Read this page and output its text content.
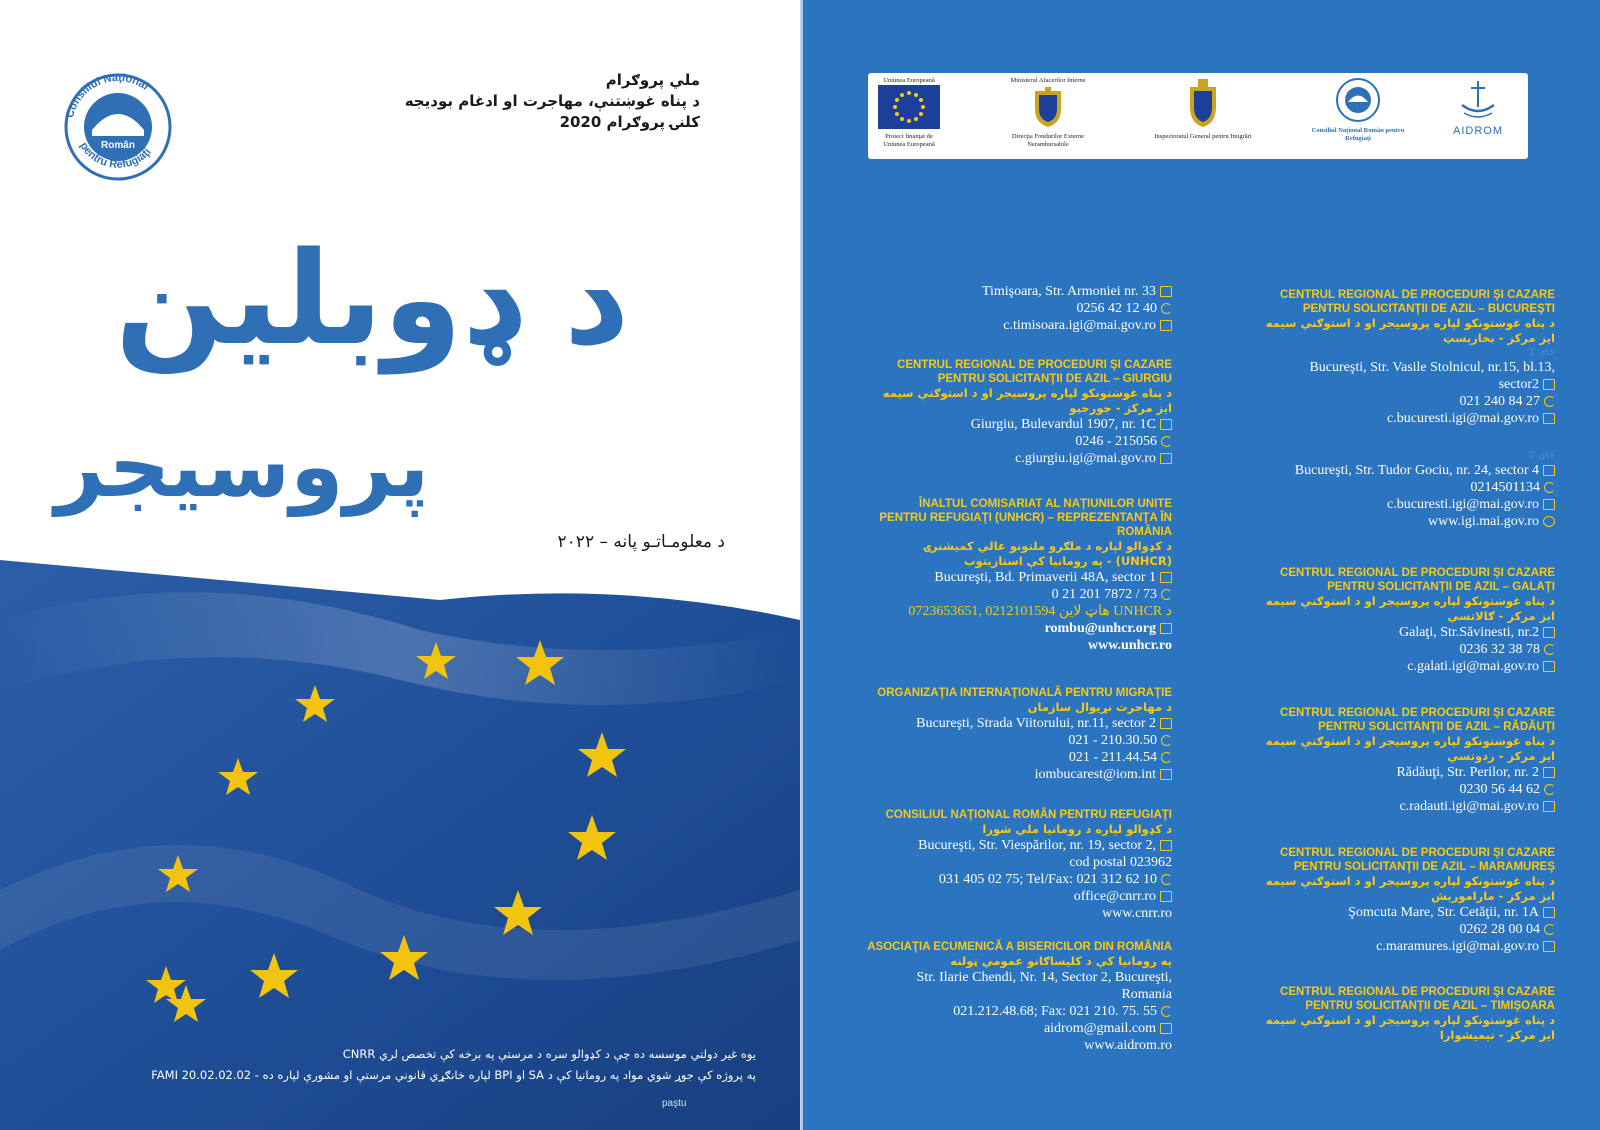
Consiliul Naţional
Român
pentru Refugiaţi
ملي پروګرام
د پناه غوښتنې، مهاجرت او ادغام بودیجه
کلنۍ پروګرام 2020
د ډوبلين
پروسيجر
د معلومـاتـو پانه – ۲۰۲۲
یوه غیر دولتي موسسه ده چې د کډوالو سره د مرستې په برخه کې تخصص لري CNRR
په پروژه کې جوړ شوي مواد په رومانیا کې د SA او BPI لپاره خانګړي قانوني مرستې او مشورې لپاره ده - FAMI 20.02.02.02
paştu
Uniunea Europeană
Proiect finanţat de Uniunea Europeană
Ministerul Afacerilor Interne
Direcţia Fondurilor Externe Nerambursabile
Inspectoratul General pentru Imigrări
Consiliul Naţional Român pentru Refugiaţi
AIDROM
Timişoara, Str. Armoniei nr. 33
0256 42 12 40
c.timisoara.igi@mai.gov.ro
CENTRUL REGIONAL DE PROCEDURI ŞI CAZARE
PENTRU SOLICITANŢII DE AZIL – GIURGIU
د پناه غوښتونکو لپاره پروسیجر او د استوګنې سیمه
ایز مرکز - جورجیو
Giurgiu, Bulevardul 1907, nr. 1C
0246 - 215056
c.giurgiu.igi@mai.gov.ro
ÎNALTUL COMISARIAT AL NAŢIUNILOR UNITE
PENTRU REFUGIAŢI (UNHCR) – REPREZENTANŢA ÎN
ROMÂNIA
د کډوالو لپاره د ملګرو ملتونو عالي کمیشنرۍ
(UNHCR) - په رومانیا کې استازیتوب
Bucureşti, Bd. Primaverii 48A, sector 1
0 21 201 7872 / 73
د UNHCR هاټ لاین 0212101594 ,0723653651
rombu@unhcr.org
www.unhcr.ro
ORGANIZAŢIA INTERNAŢIONALĂ PENTRU MIGRAŢIE
د مهاجرت نړیوال سازمان
Bucureşti, Strada Viitorului, nr.11, sector 2
021 - 210.30.50
021 - 211.44.54
iombucarest@iom.int
CONSILIUL NAŢIONAL ROMÂN PENTRU REFUGIAŢI
د کډوالو لپاره د رومانیا ملي شورا
Bucureşti, Str. Viespărilor, nr. 19, sector 2,
cod postal 023962
031 405 02 75; Tel/Fax: 021 312 62 10
office@cnrr.ro
www.cnrr.ro
ASOCIAŢIA ECUMENICĂ A BISERICILOR DIN ROMÂNIA
په رومانیا کې د کلیساګانو عمومي ټولنه
Str. Ilarie Chendi, Nr. 14, Sector 2, Bucureşti,
Romania
021.212.48.68; Fax: 021 210. 75. 55
aidrom@gmail.com
www.aidrom.ro
CENTRUL REGIONAL DE PROCEDURI ŞI CAZARE
PENTRU SOLICITANŢII DE AZIL – BUCUREŞTI
د پناه غوښتونکو لپاره پروسیجر او د استوګنې سیمه
ایز مرکز - بخارېسټ
ځای 1
Bucureşti, Str. Vasile Stolnicul, nr.15, bl.13,
sector2
021 240 84 27
c.bucuresti.igi@mai.gov.ro
ځای 2
Bucureşti, Str. Tudor Gociu, nr. 24, sector 4
0214501134
c.bucuresti.igi@mai.gov.ro
www.igi.mai.gov.ro
CENTRUL REGIONAL DE PROCEDURI ŞI CAZARE
PENTRU SOLICITANŢII DE AZIL – GALAŢI
د پناه غوښتونکو لپاره پروسیجر او د استوګنې سیمه
ایز مرکز - ګالاتسي
Galaţi, Str.Săvinesti, nr.2
0236 32 38 78
c.galati.igi@mai.gov.ro
CENTRUL REGIONAL DE PROCEDURI ŞI CAZARE
PENTRU SOLICITANŢII DE AZIL – RĂDĂUŢI
د پناه غوښتونکو لپاره پروسیجر او د استوګنې سیمه
ایز مرکز - ردوتسي
Rădăuţi, Str. Perilor, nr. 2
0230 56 44 62
c.radauti.igi@mai.gov.ro
CENTRUL REGIONAL DE PROCEDURI ŞI CAZARE
PENTRU SOLICITANŢII DE AZIL – MARAMUREŞ
د پناه غوښتونکو لپاره پروسیجر او د استوګنې سیمه
ایز مرکز - مارامورېش
Şomcuta Mare, Str. Cetăţii, nr. 1A
0262 28 00 04
c.maramures.igi@mai.gov.ro
CENTRUL REGIONAL DE PROCEDURI ŞI CAZARE
PENTRU SOLICITANŢII DE AZIL – TIMIŞOARA
د پناه غوښتونکو لپاره پروسیجر او د استوګنې سیمه
ایز مرکز - تیمیشوارا
